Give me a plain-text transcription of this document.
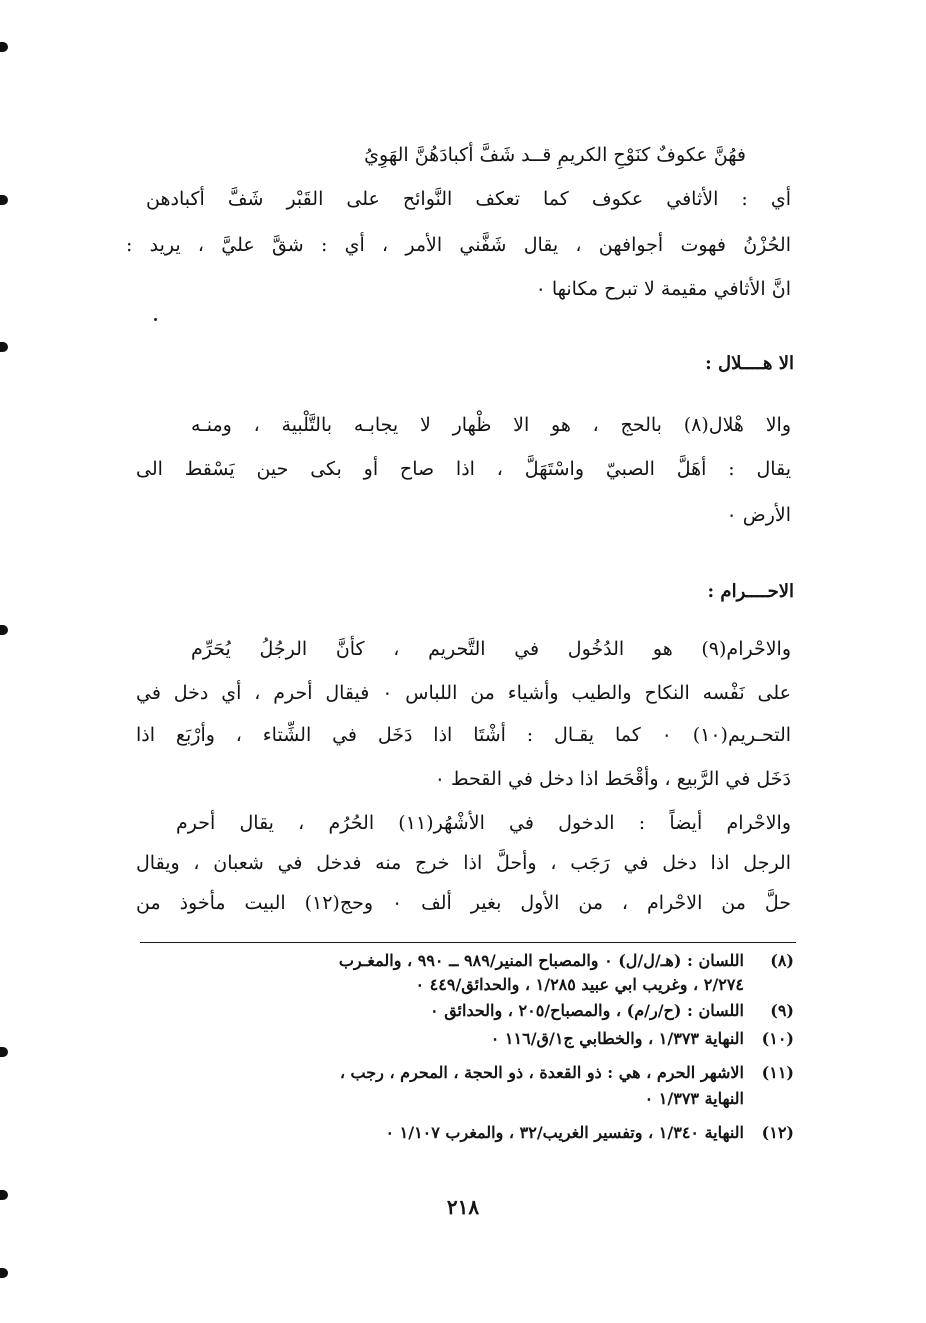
فهُنَّ عكوفٌ كنَوْحِ الكريمِ قــد شَفَّ أكبادَهُنَّ الهَوِيُ
أي : الأثافي عكوف كما تعكف النَّوائح على القَبْر شَفَّ أكبادهن
الحُزْنُ فهوت أجوافهن ، يقال شَفَّني الأمر ، أي : شقَّ عليَّ ، يريد :
انَّ الأثافي مقيمة لا تبرح مكانها ٠
الا هــــلال :
والا هْلال(٨) بالحج ، هو الا ظْهار لا يجابـه بالتَّلْبية ، ومنـه
يقال : أهَلَّ الصبيّ واسْتَهَلَّ ، اذا صاح أو بكى حين يَسْقط الى
الأرض ٠
الاحــــرام :
والاحْرام(٩) هو الدُخُول في التَّحريم ، كأنَّ الرجُلُ يُحَرِّم
على نَفْسه النكاح والطيب وأشياء من اللباس ٠ فيقال أحرم ، أي دخل في
التحـريم(١٠) ٠ كما يقـال : أشْتَا اذا دَخَل في الشِّتاء ، وأرْبَع اذا
دَخَل في الرَّبيع ، وأقْحَط اذا دخل في القحط ٠
والاحْرام أيضاً : الدخول في الأشْهُر(١١) الحُرُم ، يقال أحرم
الرجل اذا دخل في رَجَب ، وأحلَّ اذا خرج منه فدخل في شعبان ، ويقال
حلَّ من الاحْرام ، من الأول بغير ألف ٠ وحج(١٢) البيت مأخوذ من
(٨)اللسان : (هـ/ل/ل) ٠ والمصباح المنير/٩٨٩ ــ ٩٩٠ ، والمغـرب
٢/٢٧٤ ، وغريب ابي عبيد ١/٢٨٥ ، والحدائق/٤٤٩ ٠
(٩)اللسان : (ح/ر/م) ، والمصباح/٢٠٥ ، والحدائق ٠
(١٠)النهاية ١/٣٧٣ ، والخطابي ج١/ق/١١٦ ٠
(١١)الاشهر الحرم ، هي : ذو القعدة ، ذو الحجة ، المحرم ، رجب ،
النهاية ١/٣٧٣ ٠
(١٢)النهاية ١/٣٤٠ ، وتفسير الغريب/٣٢ ، والمغرب ١/١٠٧ ٠
٢١٨
